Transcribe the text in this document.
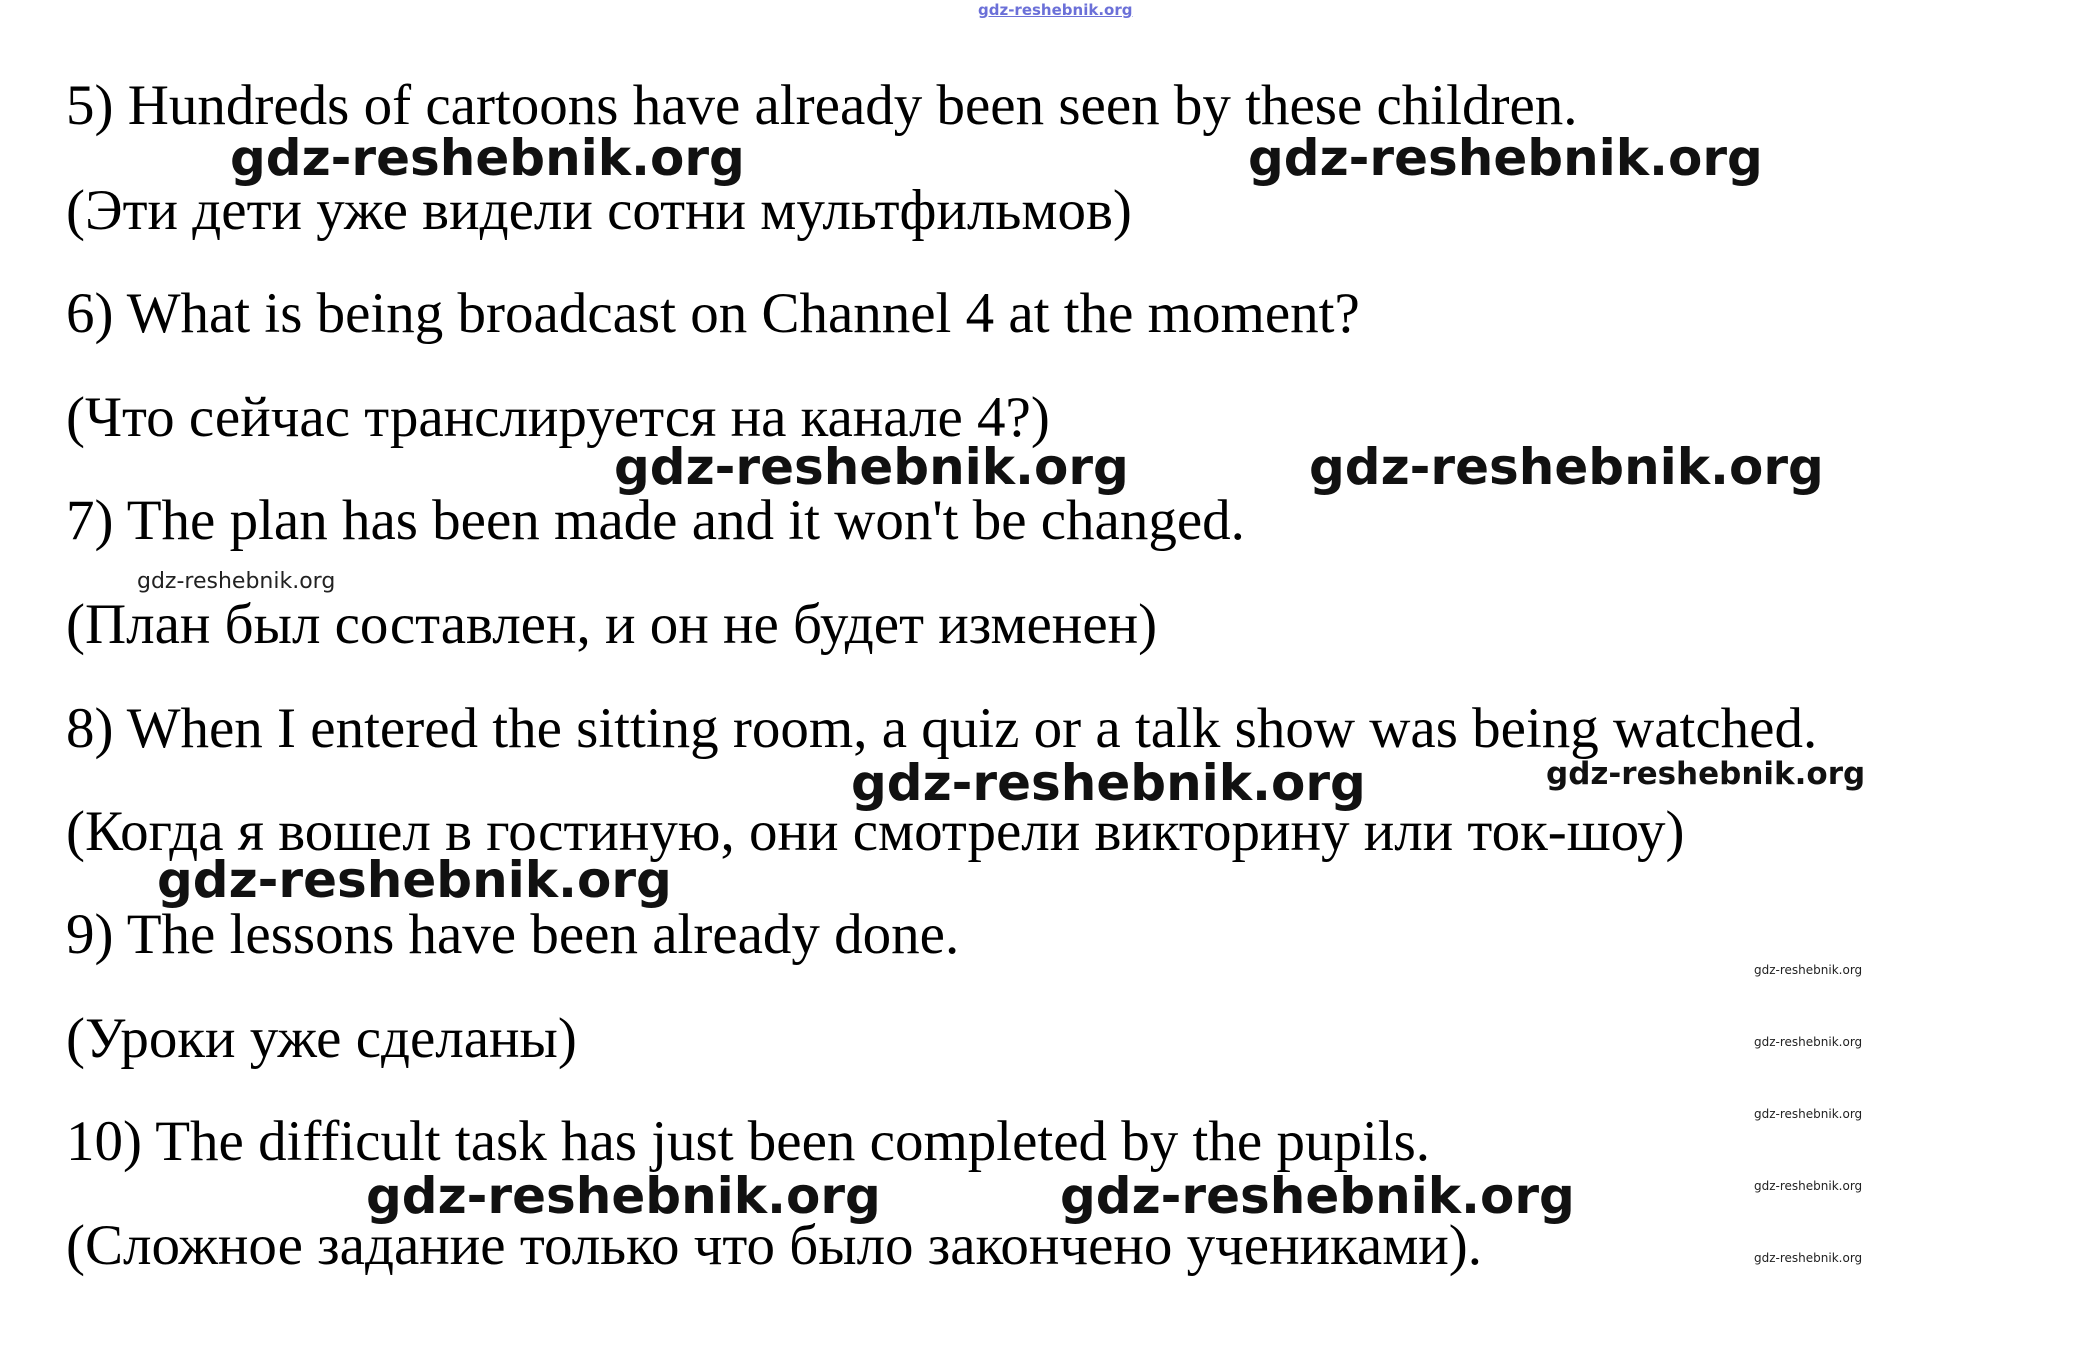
gdz-reshebnik.org
5) Hundreds of cartoons have already been seen by these children.
(Эти дети уже видели сотни мультфильмов)
6) What is being broadcast on Channel 4 at the moment?
(Что сейчас транслируется на канале 4?)
7) The plan has been made and it won't be changed.
(План был составлен, и он не будет изменен)
8) When I entered the sitting room, a quiz or a talk show was being watched.
(Когда я вошел в гостиную, они смотрели викторину или ток-шоу)
9) The lessons have been already done.
(Уроки уже сделаны)
10) The difficult task has just been completed by the pupils.
(Сложное задание только что было закончено учениками).
gdz-reshebnik.org	gdz-reshebnik.org
gdz-reshebnik.org	gdz-reshebnik.org
gdz-reshebnik.org
gdz-reshebnik.org
gdz-reshebnik.org	gdz-reshebnik.org
gdz-reshebnik.org
gdz-reshebnik.org
gdz-reshebnik.org
gdz-reshebnik.org
gdz-reshebnik.org
gdz-reshebnik.org
gdz-reshebnik.org
